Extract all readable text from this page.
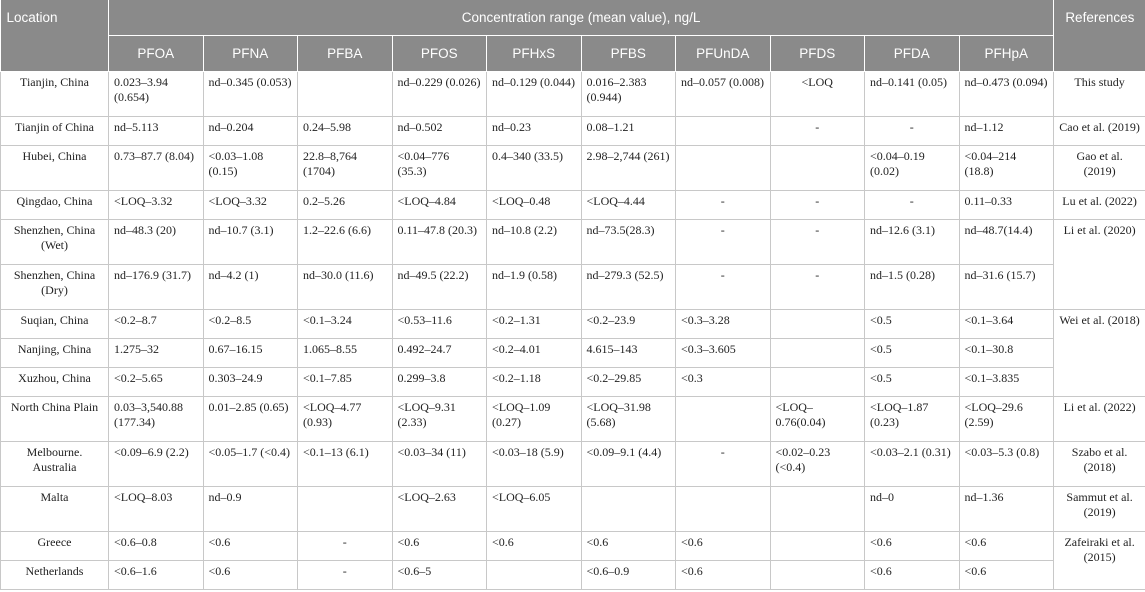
Location	Concentration range (mean value), ng/L										References
	PFOA	PFNA	PFBA	PFOS	PFHxS	PFBS	PFUnDA	PFDS	PFDA	PFHpA	
Tianjin, China	0.023–3.94 (0.654)	nd–0.345 (0.053)		nd–0.229 (0.026)	nd–0.129 (0.044)	0.016–2.383 (0.944)	nd–0.057 (0.008)	<LOQ	nd–0.141 (0.05)	nd–0.473 (0.094)	This study
Tianjin of China	nd–5.113	nd–0.204	0.24–5.98	nd–0.502	nd–0.23	0.08–1.21		-	-	nd–1.12	Cao et al. (2019)
Hubei, China	0.73–87.7 (8.04)	<0.03–1.08 (0.15)	22.8–8,764 (1704)	<0.04–776 (35.3)	0.4–340 (33.5)	2.98–2,744 (261)			<0.04–0.19 (0.02)	<0.04–214 (18.8)	Gao et al. (2019)
Qingdao, China	<LOQ–3.32	<LOQ–3.32	0.2–5.26	<LOQ–4.84	<LOQ–0.48	<LOQ–4.44	-	-	-	0.11–0.33	Lu et al. (2022)
Shenzhen, China (Wet)	nd–48.3 (20)	nd–10.7 (3.1)	1.2–22.6 (6.6)	0.11–47.8 (20.3)	nd–10.8 (2.2)	nd–73.5(28.3)	-	-	nd–12.6 (3.1)	nd–48.7(14.4)	Li et al. (2020)
Shenzhen, China (Dry)	nd–176.9 (31.7)	nd–4.2 (1)	nd–30.0 (11.6)	nd–49.5 (22.2)	nd–1.9 (0.58)	nd–279.3 (52.5)	-	-	nd–1.5 (0.28)	nd–31.6 (15.7)	
Suqian, China	<0.2–8.7	<0.2–8.5	<0.1–3.24	<0.53–11.6	<0.2–1.31	<0.2–23.9	<0.3–3.28		<0.5	<0.1–3.64	Wei et al. (2018)
Nanjing, China	1.275–32	0.67–16.15	1.065–8.55	0.492–24.7	<0.2–4.01	4.615–143	<0.3–3.605		<0.5	<0.1–30.8	
Xuzhou, China	<0.2–5.65	0.303–24.9	<0.1–7.85	0.299–3.8	<0.2–1.18	<0.2–29.85	<0.3		<0.5	<0.1–3.835	
North China Plain	0.03–3,540.88 (177.34)	0.01–2.85 (0.65)	<LOQ–4.77 (0.93)	<LOQ–9.31 (2.33)	<LOQ–1.09 (0.27)	<LOQ–31.98 (5.68)		<LOQ–0.76(0.04)	<LOQ–1.87 (0.23)	<LOQ–29.6 (2.59)	Li et al. (2022)
Melbourne. Australia	<0.09–6.9 (2.2)	<0.05–1.7 (<0.4)	<0.1–13 (6.1)	<0.03–34 (11)	<0.03–18 (5.9)	<0.09–9.1 (4.4)	-	<0.02–0.23 (<0.4)	<0.03–2.1 (0.31)	<0.03–5.3 (0.8)	Szabo et al. (2018)
Malta	<LOQ–8.03	nd–0.9		<LOQ–2.63	<LOQ–6.05				nd–0	nd–1.36	Sammut et al. (2019)
Greece	<0.6–0.8	<0.6	-	<0.6	<0.6	<0.6	<0.6		<0.6	<0.6	Zafeiraki et al. (2015)
Netherlands	<0.6–1.6	<0.6	-	<0.6–5		<0.6–0.9	<0.6		<0.6	<0.6	
